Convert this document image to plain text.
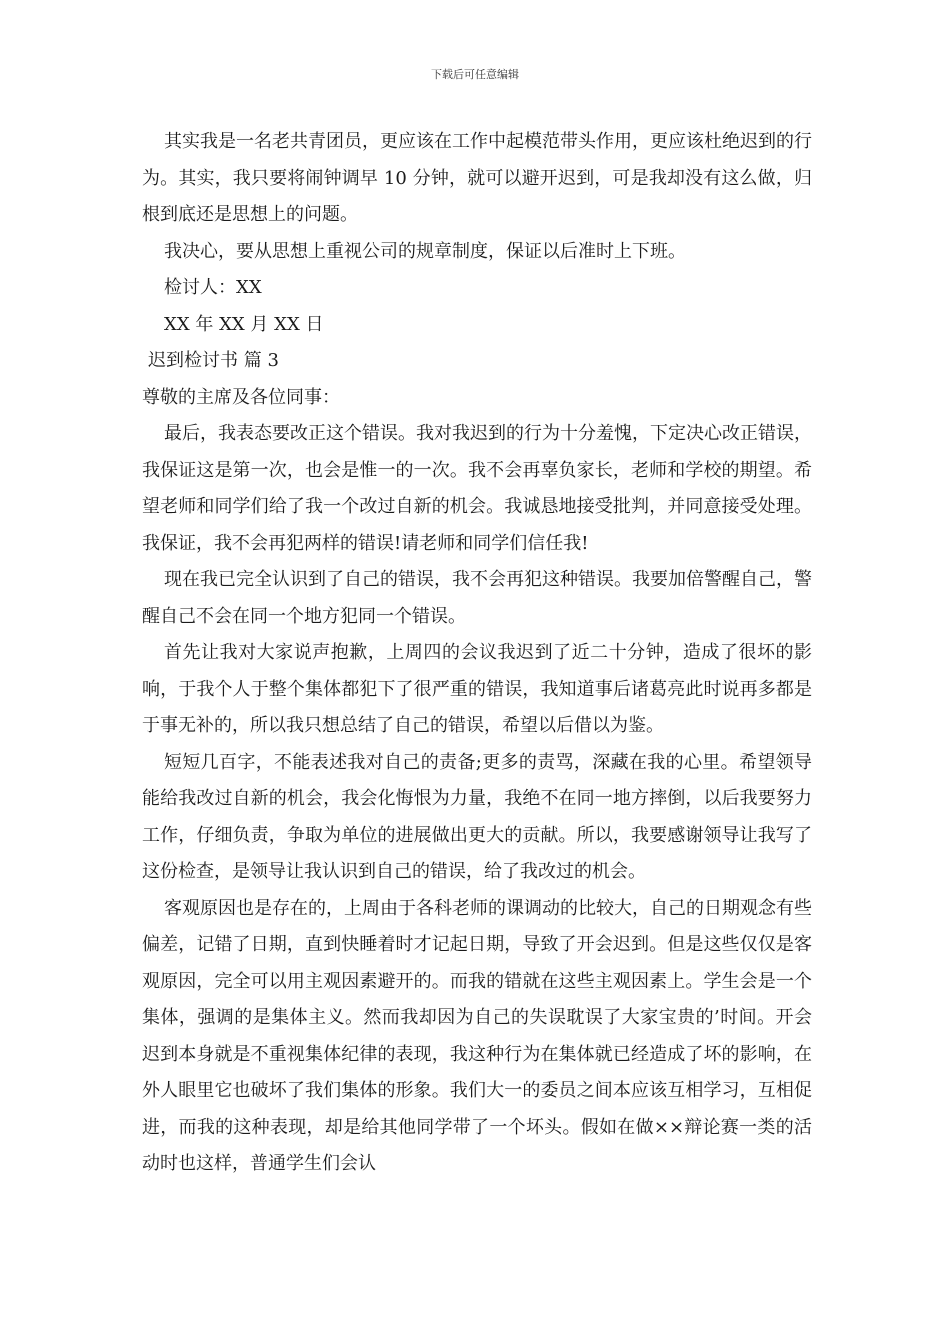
下载后可任意编辑

其实我是一名老共青团员，更应该在工作中起模范带头作用，更应该杜绝迟到的行为。其实，我只要将闹钟调早 10 分钟，就可以避开迟到，可是我却没有这么做，归根到底还是思想上的问题。

我决心，要从思想上重视公司的规章制度，保证以后准时上下班。

检讨人：XX

XX 年 XX 月 XX 日

迟到检讨书 篇 3

尊敬的主席及各位同事：

最后，我表态要改正这个错误。我对我迟到的行为十分羞愧，下定决心改正错误，我保证这是第一次，也会是惟一的一次。我不会再辜负家长，老师和学校的期望。希望老师和同学们给了我一个改过自新的机会。我诚恳地接受批判，并同意接受处理。我保证，我不会再犯两样的错误!请老师和同学们信任我!

现在我已完全认识到了自己的错误，我不会再犯这种错误。我要加倍警醒自己，警醒自己不会在同一个地方犯同一个错误。

首先让我对大家说声抱歉，上周四的会议我迟到了近二十分钟，造成了很坏的影响，于我个人于整个集体都犯下了很严重的错误，我知道事后诸葛亮此时说再多都是于事无补的，所以我只想总结了自己的错误，希望以后借以为鉴。

短短几百字，不能表述我对自己的责备;更多的责骂，深藏在我的心里。希望领导能给我改过自新的机会，我会化悔恨为力量，我绝不在同一地方摔倒，以后我要努力工作，仔细负责，争取为单位的进展做出更大的贡献。所以，我要感谢领导让我写了这份检查，是领导让我认识到自己的错误，给了我改过的机会。

客观原因也是存在的，上周由于各科老师的课调动的比较大，自己的日期观念有些偏差，记错了日期，直到快睡着时才记起日期，导致了开会迟到。但是这些仅仅是客观原因，完全可以用主观因素避开的。而我的错就在这些主观因素上。学生会是一个集体，强调的是集体主义。然而我却因为自己的失误耽误了大家宝贵的’时间。开会迟到本身就是不重视集体纪律的表现，我这种行为在集体就已经造成了坏的影响，在外人眼里它也破坏了我们集体的形象。我们大一的委员之间本应该互相学习，互相促进，而我的这种表现，却是给其他同学带了一个坏头。假如在做××辩论赛一类的活动时也这样，普通学生们会认
